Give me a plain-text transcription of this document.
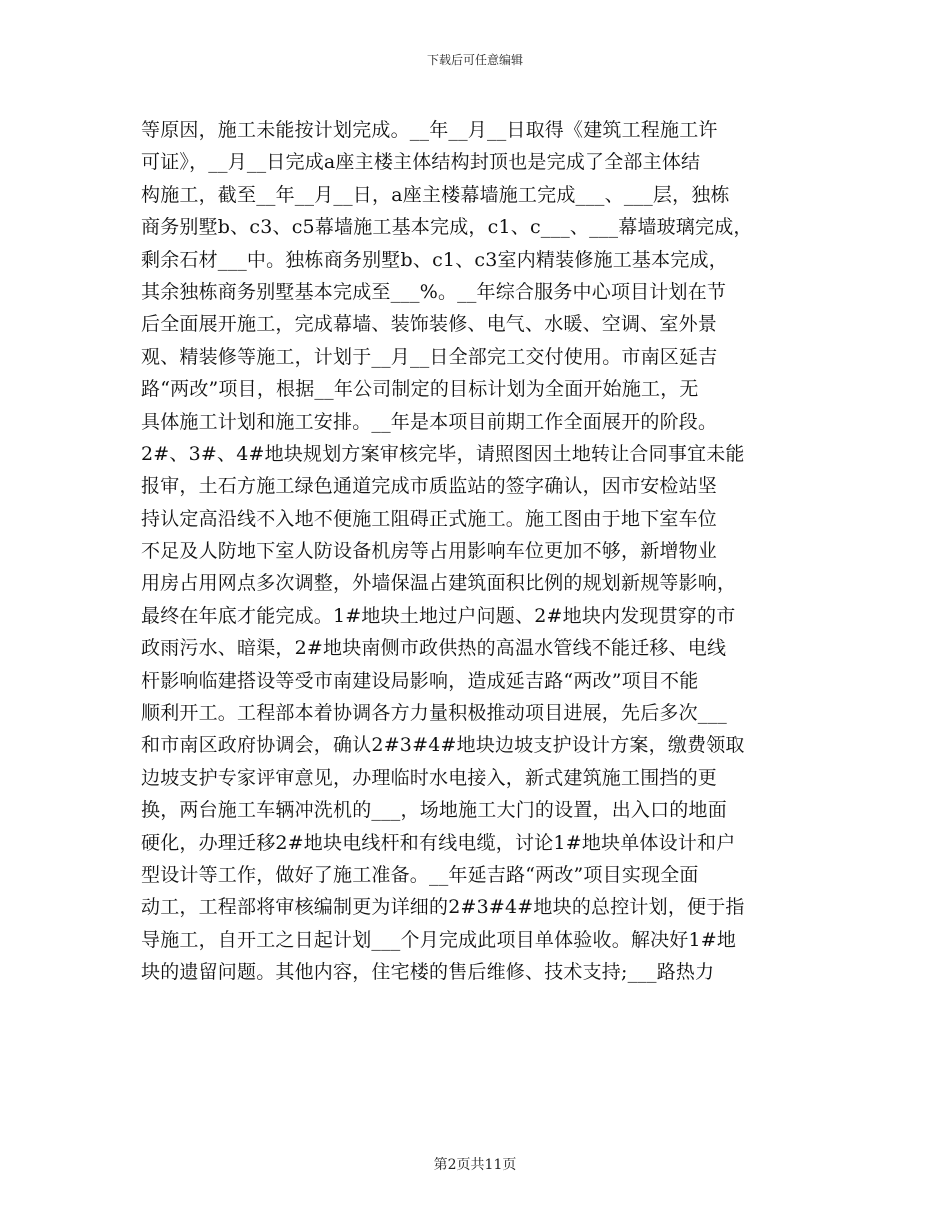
下载后可任意编辑
等原因，施工未能按计划完成。__年__月__日取得《建筑工程施工许
可证》，__月__日完成a座主楼主体结构封顶也是完成了全部主体结
构施工，截至__年__月__日，a座主楼幕墙施工完成___、___层，独栋
商务别墅b、c3、c5幕墙施工基本完成，c1、c___、___幕墙玻璃完成，
剩余石材___中。独栋商务别墅b、c1、c3室内精装修施工基本完成，
其余独栋商务别墅基本完成至___%。__年综合服务中心项目计划在节
后全面展开施工，完成幕墙、装饰装修、电气、水暖、空调、室外景
观、精装修等施工，计划于__月__日全部完工交付使用。市南区延吉
路“两改”项目，根据__年公司制定的目标计划为全面开始施工，无
具体施工计划和施工安排。__年是本项目前期工作全面展开的阶段。
2#、3#、4#地块规划方案审核完毕，请照图因土地转让合同事宜未能
报审，土石方施工绿色通道完成市质监站的签字确认，因市安检站坚
持认定高沿线不入地不便施工阻碍正式施工。施工图由于地下室车位
不足及人防地下室人防设备机房等占用影响车位更加不够，新增物业
用房占用网点多次调整，外墙保温占建筑面积比例的规划新规等影响，
最终在年底才能完成。1#地块土地过户问题、2#地块内发现贯穿的市
政雨污水、暗渠，2#地块南侧市政供热的高温水管线不能迁移、电线
杆影响临建搭设等受市南建设局影响，造成延吉路“两改”项目不能
顺利开工。工程部本着协调各方力量积极推动项目进展，先后多次___
和市南区政府协调会，确认2#3#4#地块边坡支护设计方案，缴费领取
边坡支护专家评审意见，办理临时水电接入，新式建筑施工围挡的更
换，两台施工车辆冲洗机的___，场地施工大门的设置，出入口的地面
硬化，办理迁移2#地块电线杆和有线电缆，讨论1#地块单体设计和户
型设计等工作，做好了施工准备。__年延吉路“两改”项目实现全面
动工，工程部将审核编制更为详细的2#3#4#地块的总控计划，便于指
导施工，自开工之日起计划___个月完成此项目单体验收。解决好1#地
块的遗留问题。其他内容，住宅楼的售后维修、技术支持;___路热力
第2页共11页
